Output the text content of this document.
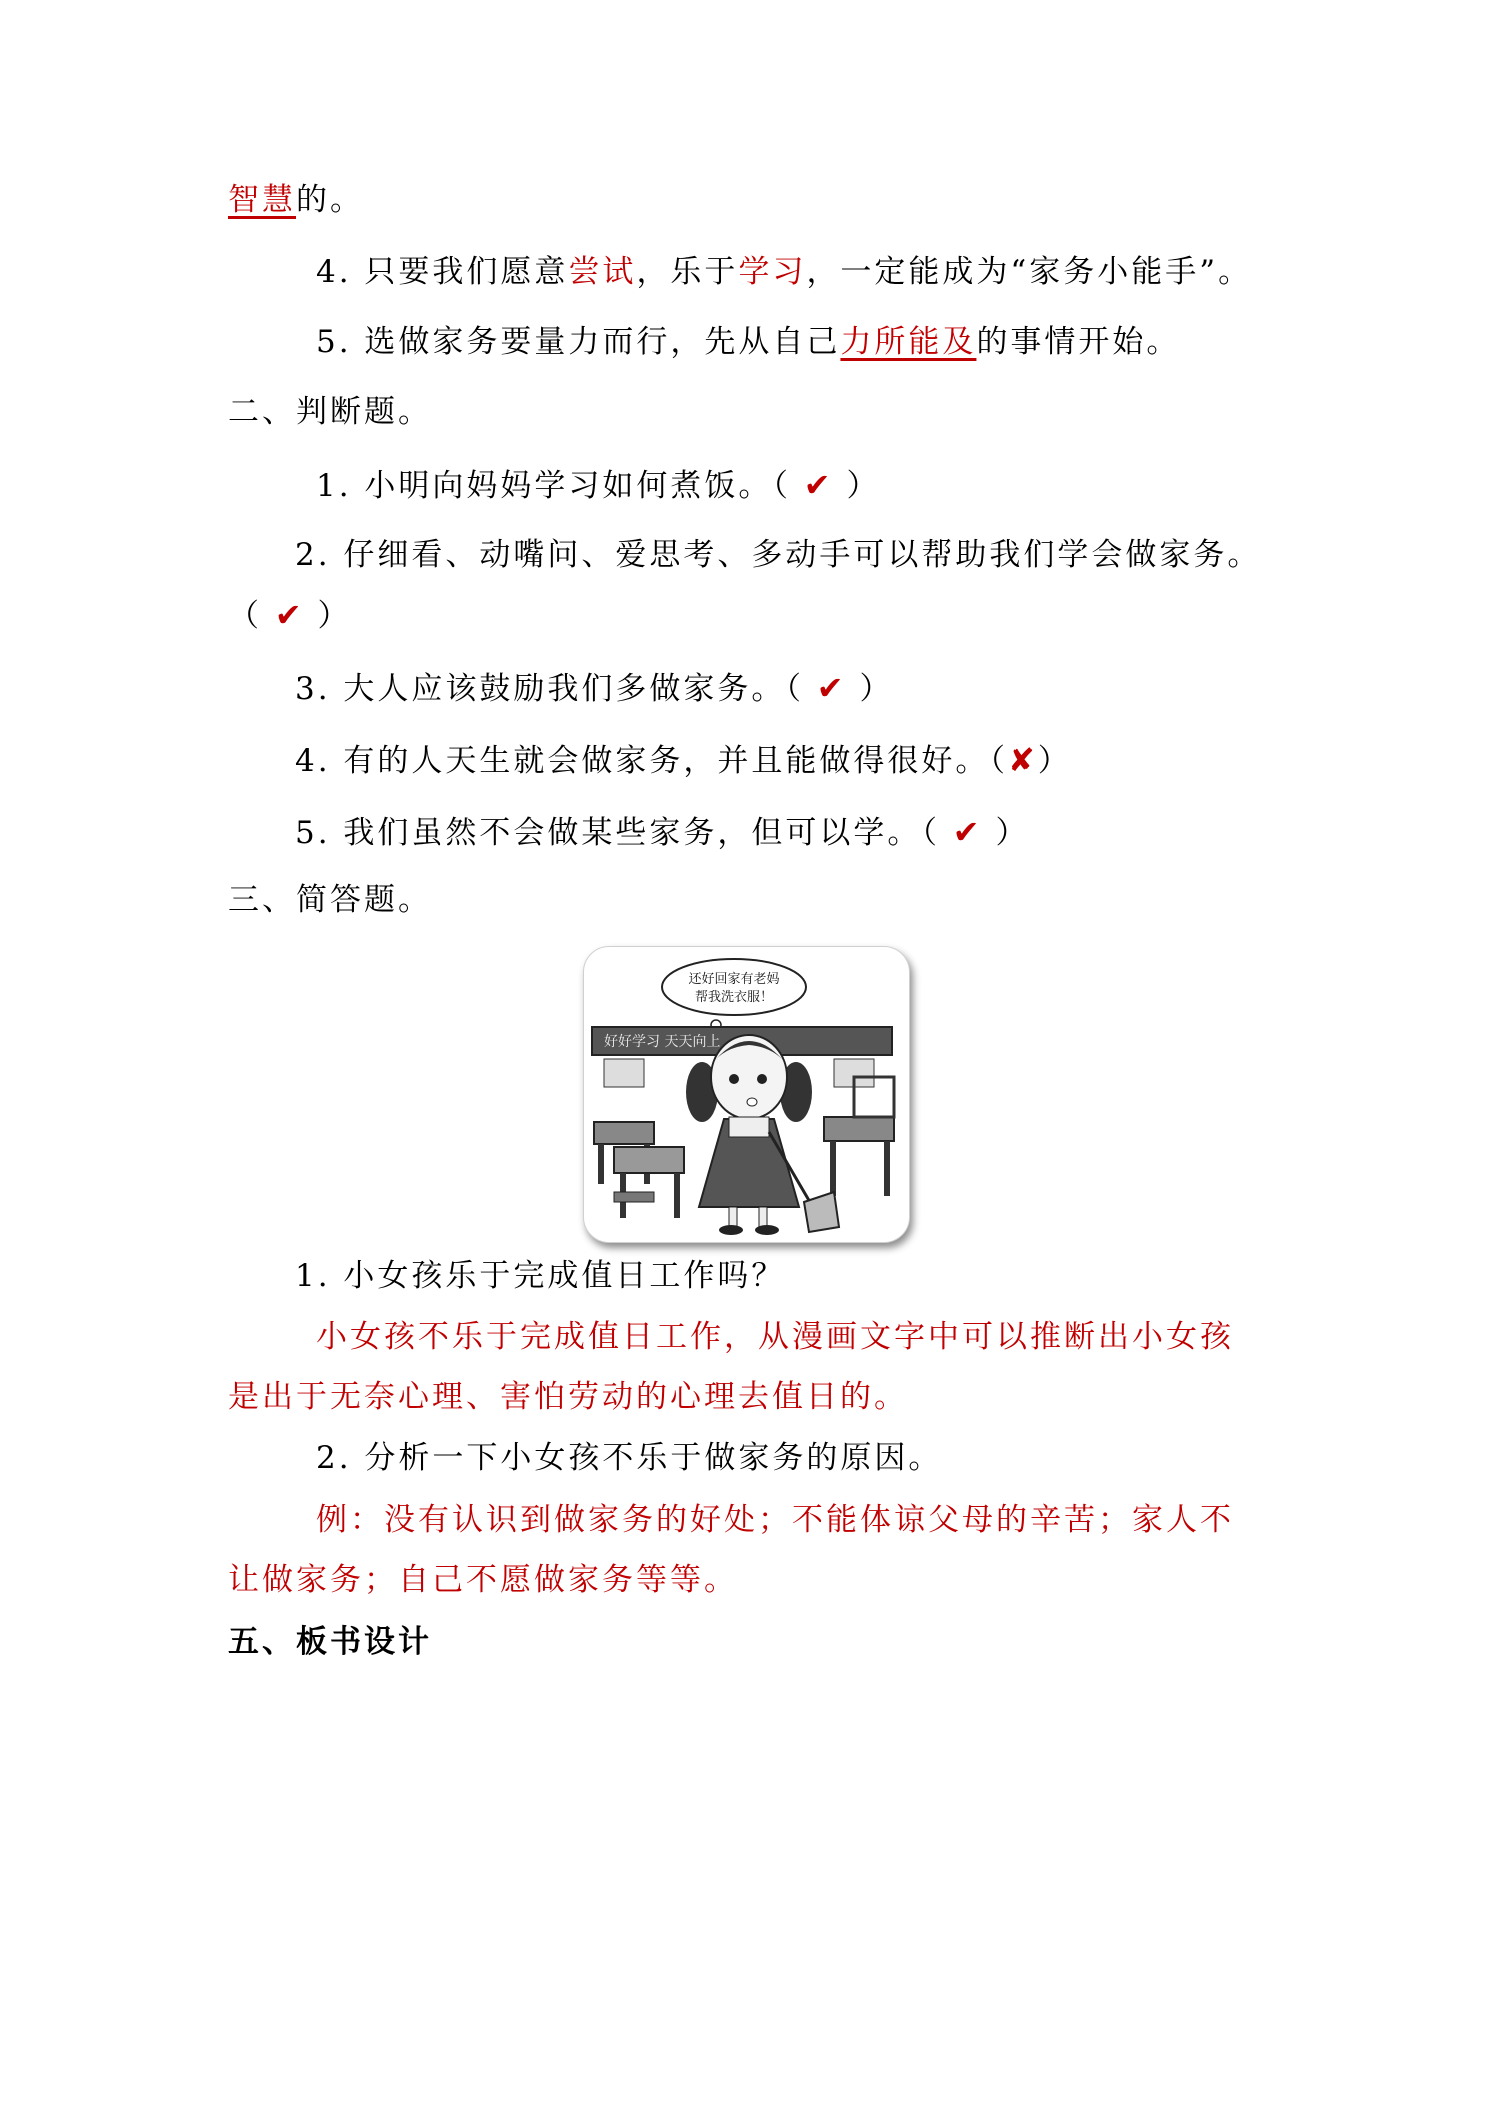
智慧的。
4. 只要我们愿意尝试，乐于学习，一定能成为“家务小能手”。
5. 选做家务要量力而行，先从自己力所能及的事情开始。
二、判断题。
1. 小明向妈妈学习如何煮饭。（ ✔ ）
2. 仔细看、动嘴问、爱思考、多动手可以帮助我们学会做家务。
（ ✔ ）
3. 大人应该鼓励我们多做家务。（ ✔ ）
4. 有的人天生就会做家务，并且能做得很好。（✘）
5. 我们虽然不会做某些家务，但可以学。（ ✔ ）
三、简答题。
还好回家有老妈
帮我洗衣服！
好好学习 天天向上
1. 小女孩乐于完成值日工作吗？
小女孩不乐于完成值日工作，从漫画文字中可以推断出小女孩
是出于无奈心理、害怕劳动的心理去值日的。
2. 分析一下小女孩不乐于做家务的原因。
例：没有认识到做家务的好处；不能体谅父母的辛苦；家人不
让做家务；自己不愿做家务等等。
五、板书设计
